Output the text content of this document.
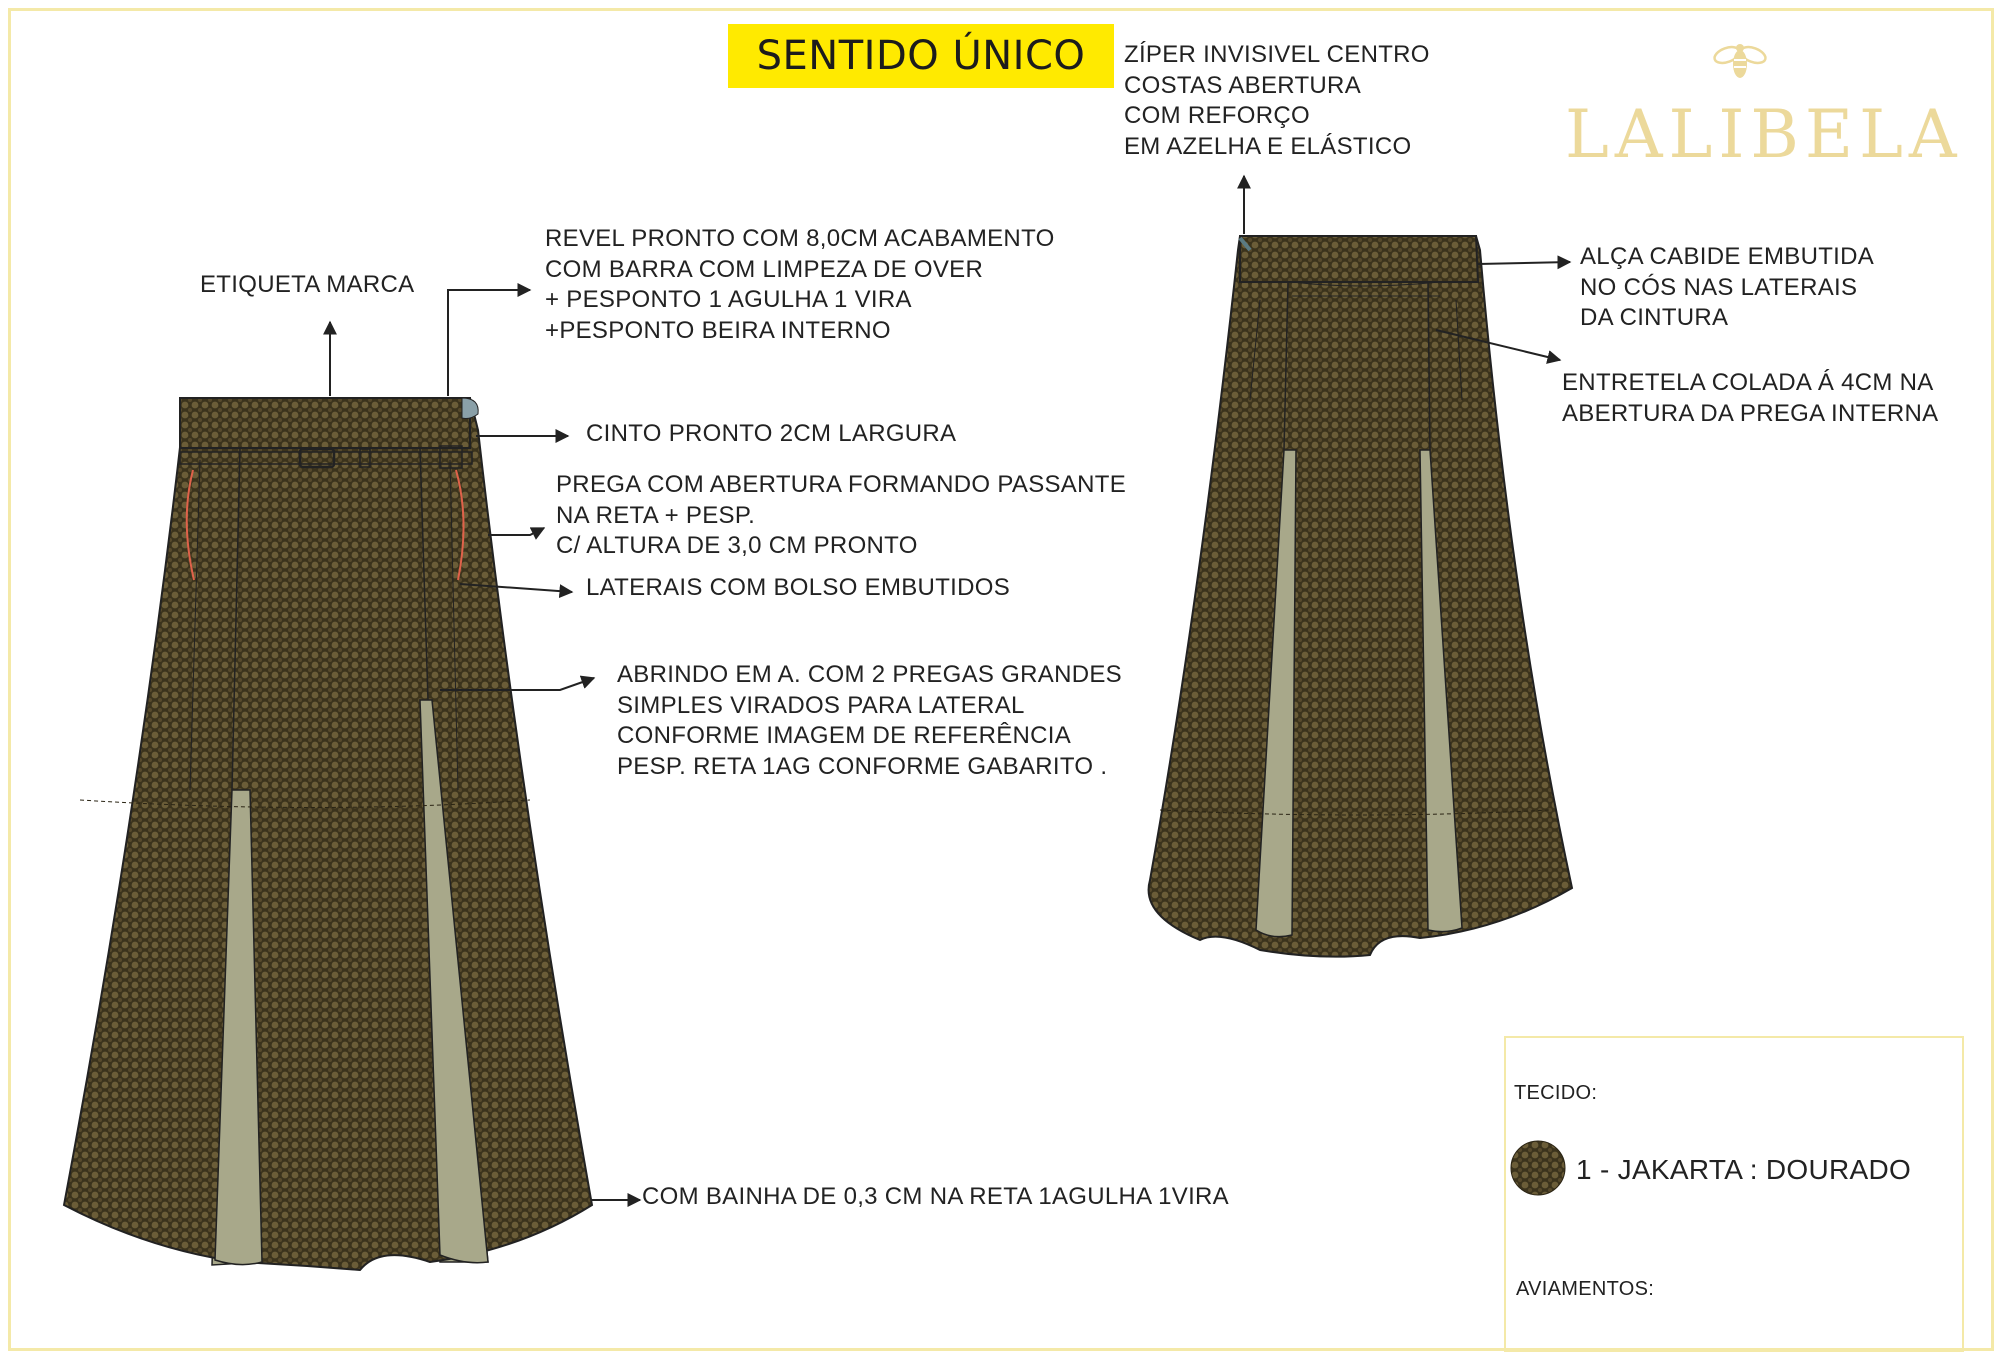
SENTIDO ÚNICO
LALIBELA
ETIQUETA MARCA
REVEL PRONTO COM 8,0CM ACABAMENTO
COM BARRA COM LIMPEZA DE OVER
+ PESPONTO 1 AGULHA 1 VIRA
+PESPONTO BEIRA INTERNO
CINTO PRONTO 2CM LARGURA
PREGA COM ABERTURA FORMANDO PASSANTE
NA RETA + PESP.
C/ ALTURA DE 3,0 CM PRONTO
LATERAIS COM BOLSO EMBUTIDOS
ABRINDO EM A. COM 2 PREGAS GRANDES
SIMPLES VIRADOS PARA LATERAL
CONFORME IMAGEM DE REFERÊNCIA
PESP. RETA 1AG CONFORME GABARITO .
COM BAINHA DE 0,3 CM NA RETA 1AGULHA 1VIRA
ZÍPER INVISIVEL CENTRO
COSTAS ABERTURA
COM REFORÇO
EM AZELHA E ELÁSTICO
ALÇA CABIDE EMBUTIDA
NO CÓS NAS LATERAIS
DA CINTURA
ENTRETELA COLADA Á 4CM NA
ABERTURA DA PREGA INTERNA
TECIDO:
1 - JAKARTA : DOURADO
AVIAMENTOS:
